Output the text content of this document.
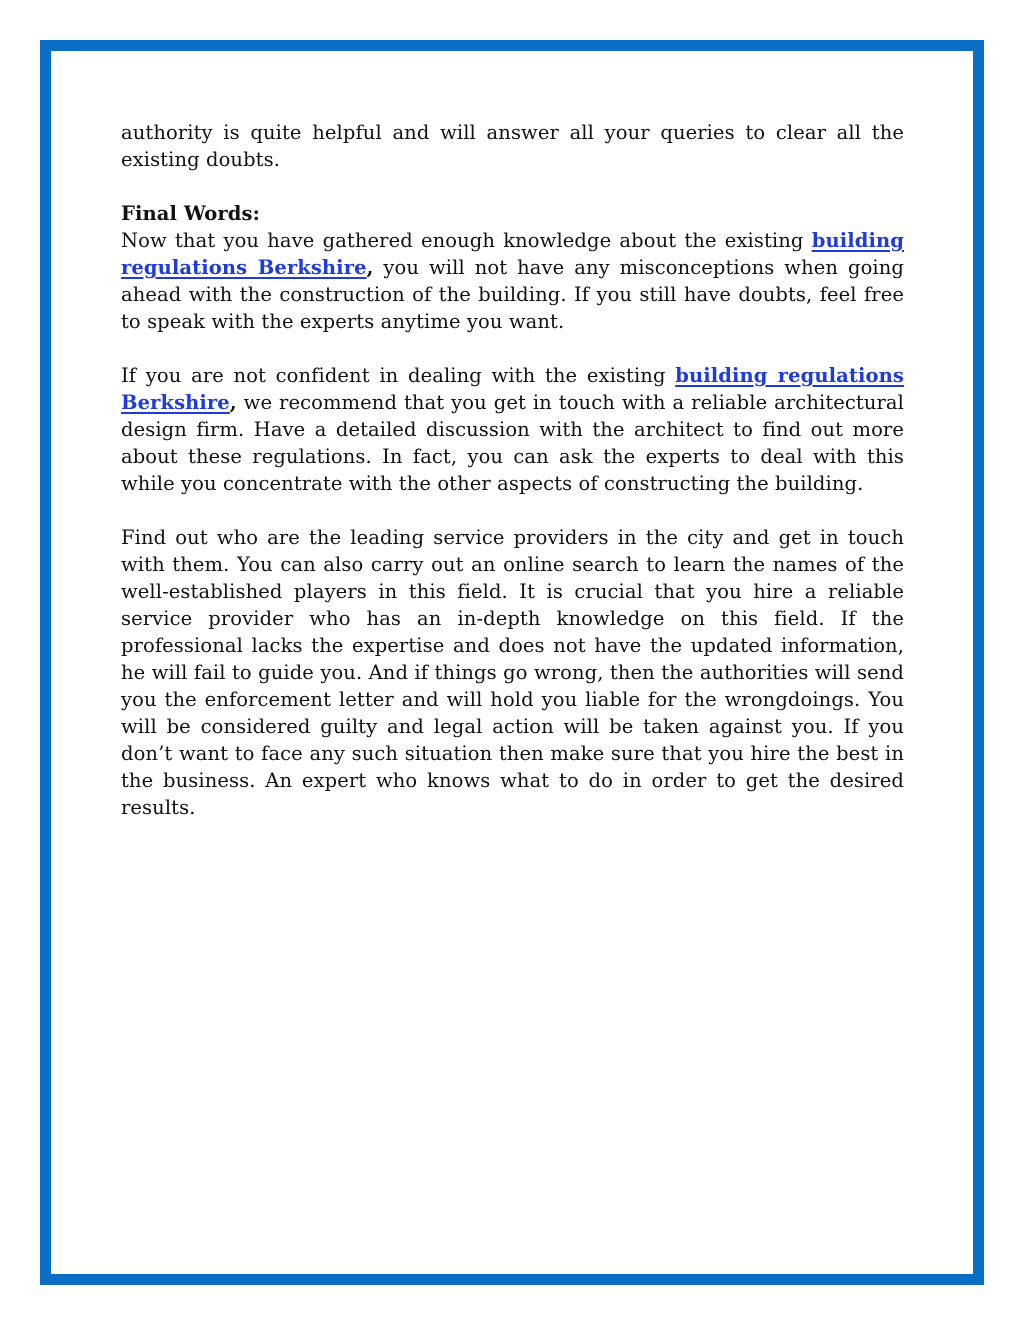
authority is quite helpful and will answer all your queries to clear all the existing doubts.

Final Words:

Now that you have gathered enough knowledge about the existing building regulations Berkshire, you will not have any misconceptions when going ahead with the construction of the building. If you still have doubts, feel free to speak with the experts anytime you want.

If you are not confident in dealing with the existing building regulations Berkshire, we recommend that you get in touch with a reliable architectural design firm. Have a detailed discussion with the architect to find out more about these regulations. In fact, you can ask the experts to deal with this while you concentrate with the other aspects of constructing the building.

Find out who are the leading service providers in the city and get in touch with them. You can also carry out an online search to learn the names of the well-established players in this field. It is crucial that you hire a reliable service provider who has an in-depth knowledge on this field. If the professional lacks the expertise and does not have the updated information, he will fail to guide you. And if things go wrong, then the authorities will send you the enforcement letter and will hold you liable for the wrongdoings. You will be considered guilty and legal action will be taken against you. If you don’t want to face any such situation then make sure that you hire the best in the business. An expert who knows what to do in order to get the desired results.
